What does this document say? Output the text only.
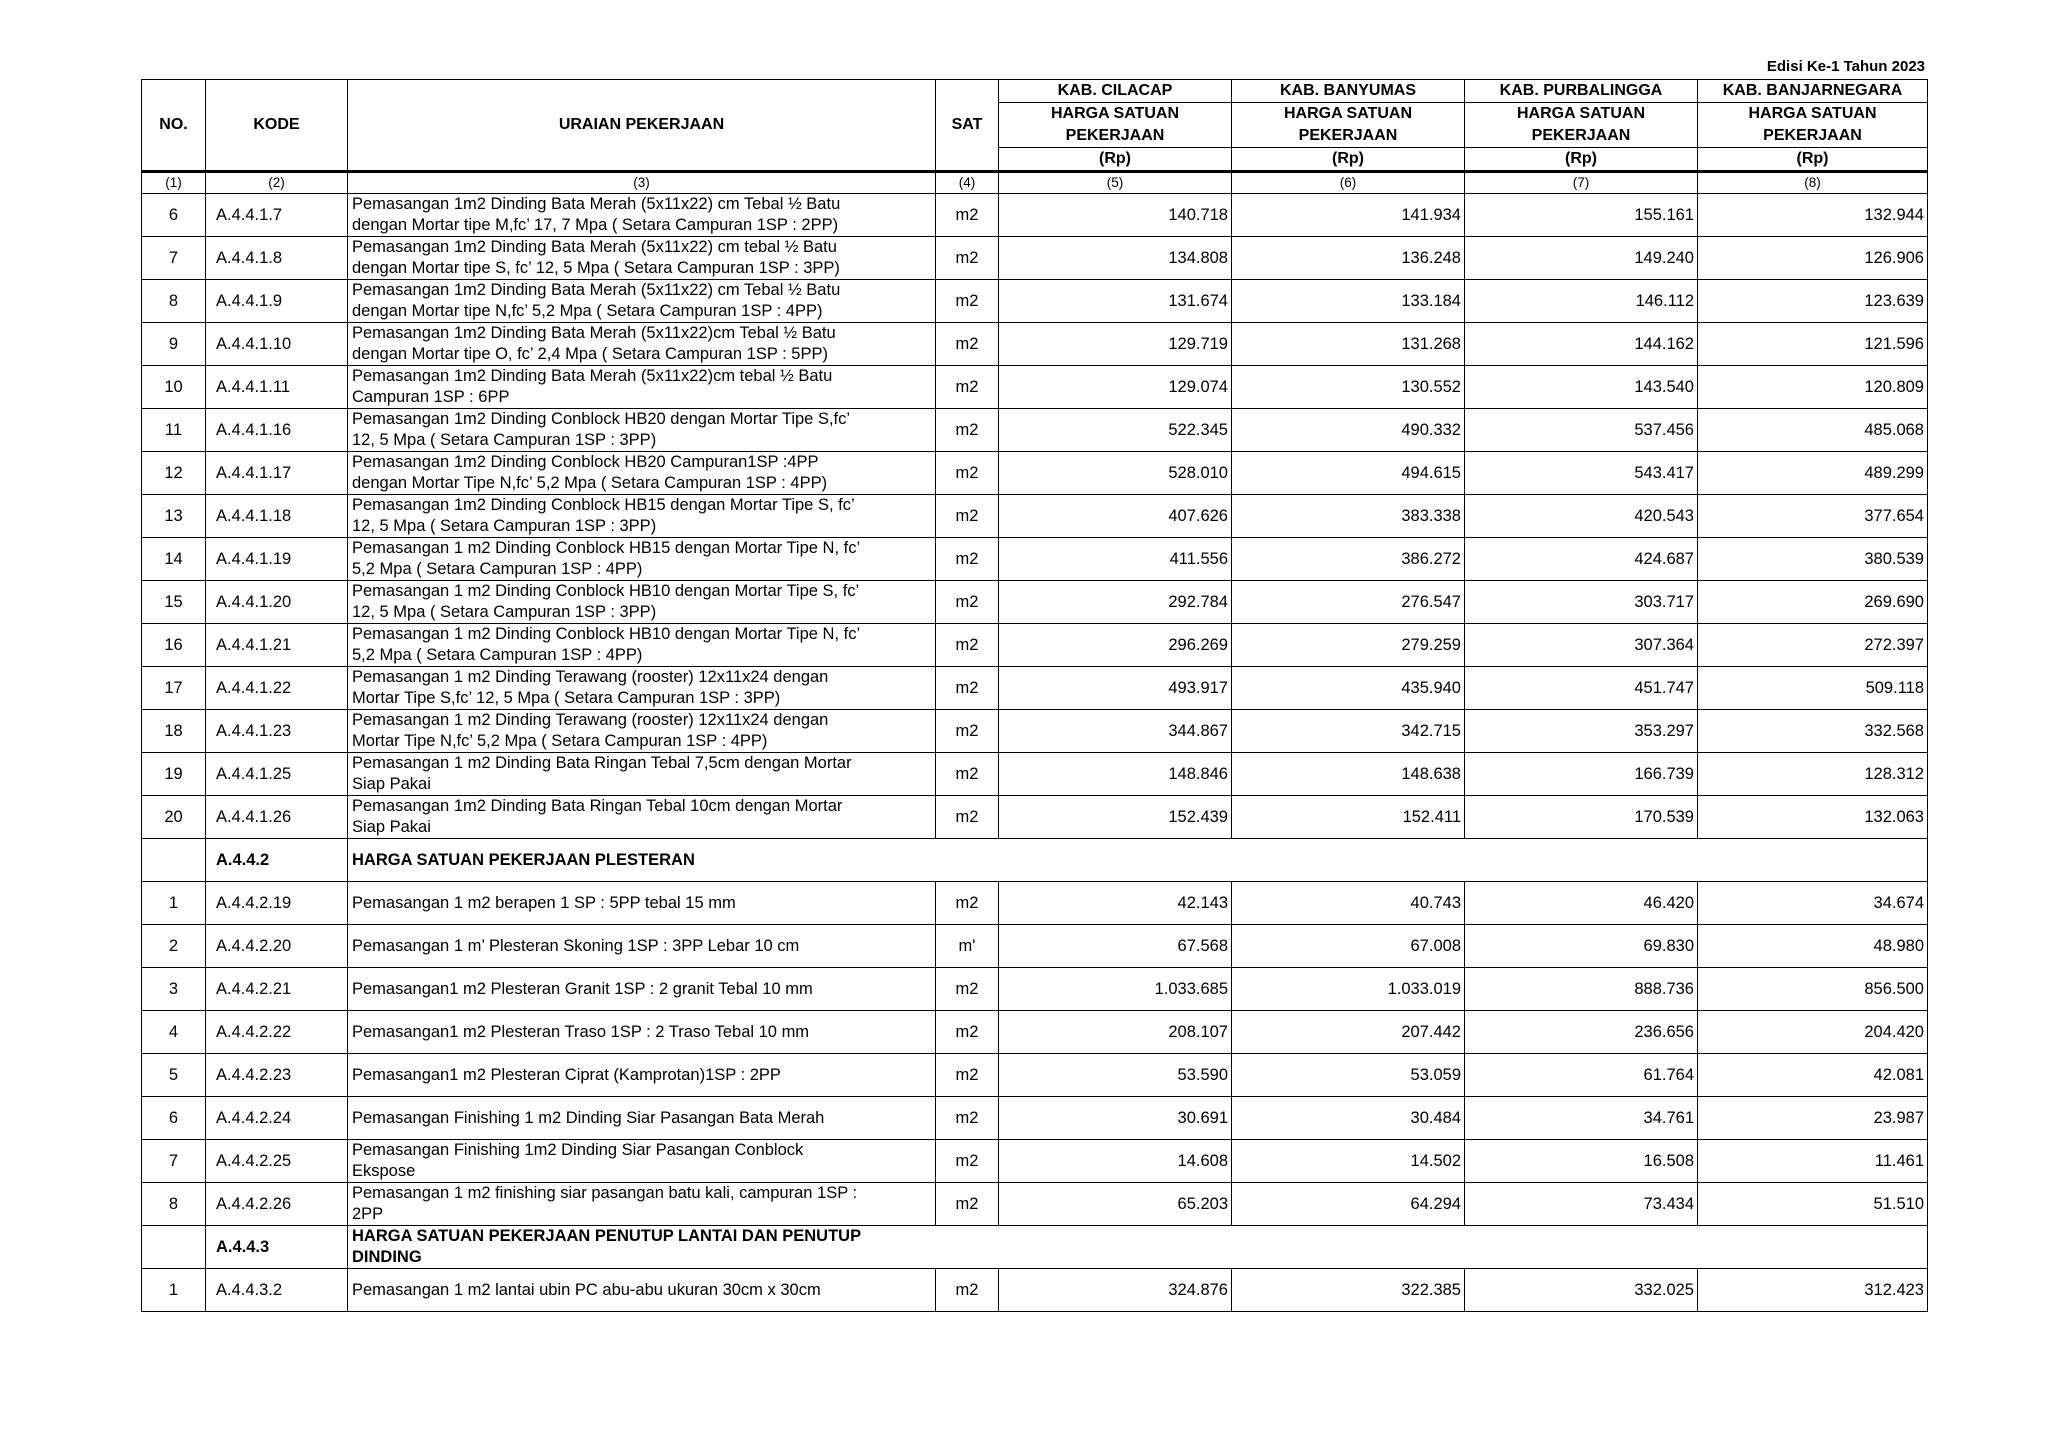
Edisi Ke-1 Tahun 2023
NO.	KODE	URAIAN PEKERJAAN	SAT	KAB. CILACAP	KAB. BANYUMAS	KAB. PURBALINGGA	KAB. BANJARNEGARA
				HARGA SATUAN	HARGA SATUAN	HARGA SATUAN	HARGA SATUAN
				PEKERJAAN	PEKERJAAN	PEKERJAAN	PEKERJAAN
				(Rp)	(Rp)	(Rp)	(Rp)

(1)	(2)	(3)	(4)	(5)	(6)	(7)	(8)
6	A.4.4.1.7	Pemasangan 1m2 Dinding Bata Merah (5x11x22) cm Tebal ½ Batu
dengan Mortar tipe M,fc’ 17, 7 Mpa ( Setara Campuran 1SP : 2PP)	m2	140.718	141.934	155.161	132.944
7	A.4.4.1.8	Pemasangan 1m2 Dinding Bata Merah (5x11x22) cm tebal ½ Batu
dengan Mortar tipe S, fc’ 12, 5 Mpa ( Setara Campuran 1SP : 3PP)	m2	134.808	136.248	149.240	126.906
8	A.4.4.1.9	Pemasangan 1m2 Dinding Bata Merah (5x11x22) cm Tebal ½ Batu
dengan Mortar tipe N,fc’ 5,2 Mpa ( Setara Campuran 1SP : 4PP)	m2	131.674	133.184	146.112	123.639
9	A.4.4.1.10	Pemasangan 1m2 Dinding Bata Merah (5x11x22)cm Tebal ½ Batu
dengan Mortar tipe O, fc’ 2,4 Mpa ( Setara Campuran 1SP : 5PP)	m2	129.719	131.268	144.162	121.596
10	A.4.4.1.11	Pemasangan 1m2 Dinding Bata Merah (5x11x22)cm tebal ½ Batu
Campuran 1SP : 6PP	m2	129.074	130.552	143.540	120.809
11	A.4.4.1.16	Pemasangan 1m2 Dinding Conblock HB20 dengan Mortar Tipe S,fc’
12, 5 Mpa ( Setara Campuran 1SP : 3PP)	m2	522.345	490.332	537.456	485.068
12	A.4.4.1.17	Pemasangan 1m2 Dinding Conblock HB20 Campuran1SP :4PP
dengan Mortar Tipe N,fc’ 5,2 Mpa ( Setara Campuran 1SP : 4PP)	m2	528.010	494.615	543.417	489.299
13	A.4.4.1.18	Pemasangan 1m2 Dinding Conblock HB15 dengan Mortar Tipe S, fc’
12, 5 Mpa ( Setara Campuran 1SP : 3PP)	m2	407.626	383.338	420.543	377.654
14	A.4.4.1.19	Pemasangan 1 m2 Dinding Conblock HB15 dengan Mortar Tipe N, fc’
5,2 Mpa ( Setara Campuran 1SP : 4PP)	m2	411.556	386.272	424.687	380.539
15	A.4.4.1.20	Pemasangan 1 m2 Dinding Conblock HB10 dengan Mortar Tipe S, fc’
12, 5 Mpa ( Setara Campuran 1SP : 3PP)	m2	292.784	276.547	303.717	269.690
16	A.4.4.1.21	Pemasangan 1 m2 Dinding Conblock HB10 dengan Mortar Tipe N, fc’
5,2 Mpa ( Setara Campuran 1SP : 4PP)	m2	296.269	279.259	307.364	272.397
17	A.4.4.1.22	Pemasangan 1 m2 Dinding Terawang (rooster) 12x11x24 dengan
Mortar Tipe S,fc’ 12, 5 Mpa ( Setara Campuran 1SP : 3PP)	m2	493.917	435.940	451.747	509.118
18	A.4.4.1.23	Pemasangan 1 m2 Dinding Terawang (rooster) 12x11x24 dengan
Mortar Tipe N,fc’ 5,2 Mpa ( Setara Campuran 1SP : 4PP)	m2	344.867	342.715	353.297	332.568
19	A.4.4.1.25	Pemasangan 1 m2 Dinding Bata Ringan Tebal 7,5cm dengan Mortar
Siap Pakai	m2	148.846	148.638	166.739	128.312
20	A.4.4.1.26	Pemasangan 1m2 Dinding Bata Ringan Tebal 10cm dengan Mortar
Siap Pakai	m2	152.439	152.411	170.539	132.063
	A.4.4.2	HARGA SATUAN PEKERJAAN PLESTERAN					

1	A.4.4.2.19	Pemasangan 1 m2 berapen 1 SP : 5PP tebal 15 mm	m2	42.143	40.743	46.420	34.674
2	A.4.4.2.20	Pemasangan 1 m’ Plesteran Skoning 1SP : 3PP Lebar 10 cm	m'	67.568	67.008	69.830	48.980
3	A.4.4.2.21	Pemasangan1 m2 Plesteran Granit 1SP : 2 granit Tebal 10 mm	m2	1.033.685	1.033.019	888.736	856.500
4	A.4.4.2.22	Pemasangan1 m2 Plesteran Traso 1SP : 2 Traso Tebal 10 mm	m2	208.107	207.442	236.656	204.420
5	A.4.4.2.23	Pemasangan1 m2 Plesteran Ciprat (Kamprotan)1SP : 2PP	m2	53.590	53.059	61.764	42.081
6	A.4.4.2.24	Pemasangan Finishing 1 m2 Dinding Siar Pasangan Bata Merah	m2	30.691	30.484	34.761	23.987
7	A.4.4.2.25	Pemasangan Finishing 1m2 Dinding Siar Pasangan Conblock
Ekspose	m2	14.608	14.502	16.508	11.461
8	A.4.4.2.26	Pemasangan 1 m2 finishing siar pasangan batu kali, campuran 1SP :
2PP	m2	65.203	64.294	73.434	51.510
	A.4.4.3	HARGA SATUAN PEKERJAAN PENUTUP LANTAI DAN PENUTUP
DINDING					

1	A.4.4.3.2	Pemasangan 1 m2 lantai ubin PC abu-abu ukuran 30cm x 30cm	m2	324.876	322.385	332.025	312.423
